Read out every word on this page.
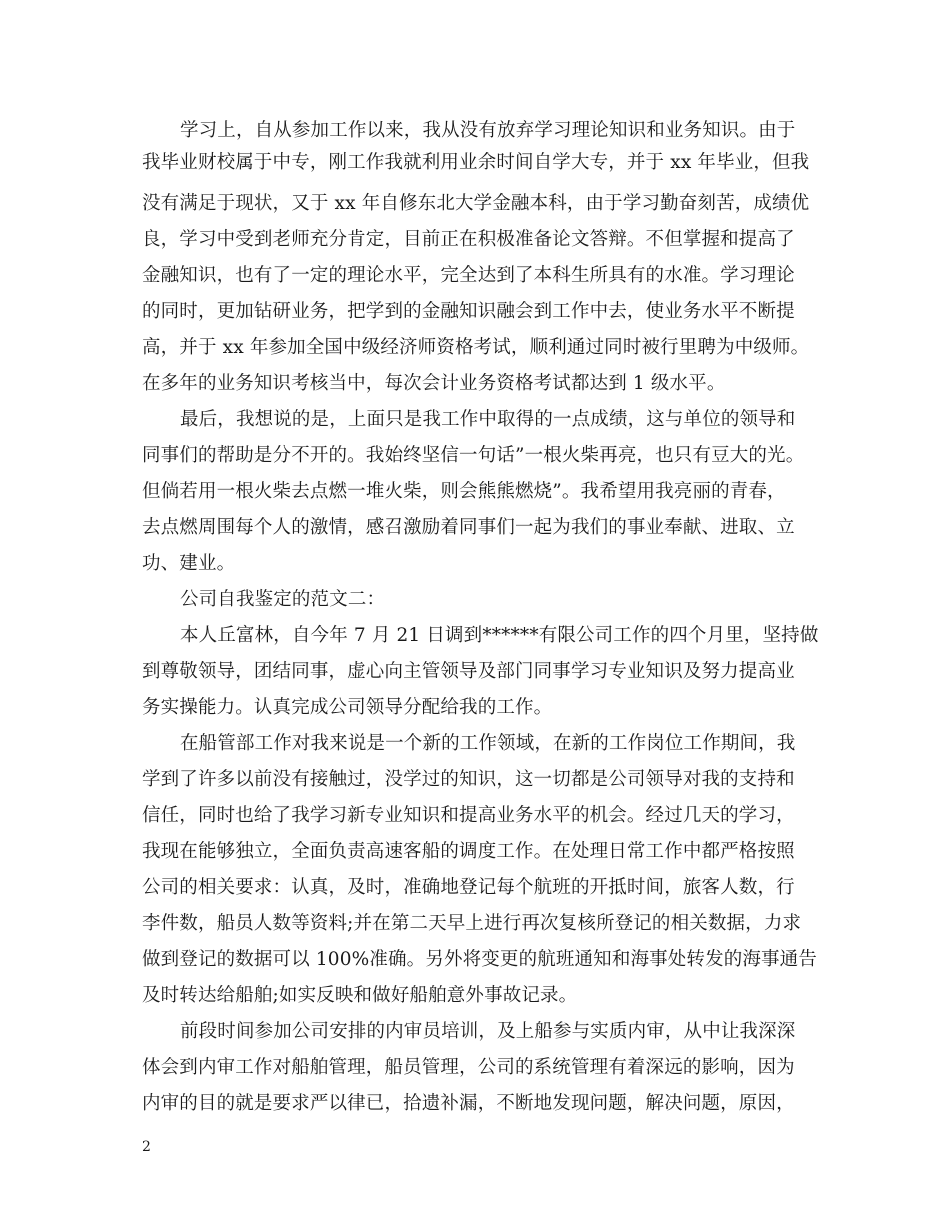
学习上，自从参加工作以来，我从没有放弃学习理论知识和业务知识。由于
我毕业财校属于中专，刚工作我就利用业余时间自学大专，并于 xx 年毕业，但我
没有满足于现状，又于 xx 年自修东北大学金融本科，由于学习勤奋刻苦，成绩优
良，学习中受到老师充分肯定，目前正在积极准备论文答辩。不但掌握和提高了
金融知识，也有了一定的理论水平，完全达到了本科生所具有的水准。学习理论
的同时，更加钻研业务，把学到的金融知识融会到工作中去，使业务水平不断提
高，并于 xx 年参加全国中级经济师资格考试，顺利通过同时被行里聘为中级师。
在多年的业务知识考核当中，每次会计业务资格考试都达到 1 级水平。
最后，我想说的是，上面只是我工作中取得的一点成绩，这与单位的领导和
同事们的帮助是分不开的。我始终坚信一句话”一根火柴再亮，也只有豆大的光。
但倘若用一根火柴去点燃一堆火柴，则会熊熊燃烧”。我希望用我亮丽的青春，
去点燃周围每个人的激情，感召激励着同事们一起为我们的事业奉献、进取、立
功、建业。
公司自我鉴定的范文二：
本人丘富林，自今年 7 月 21 日调到******有限公司工作的四个月里，坚持做
到尊敬领导，团结同事，虚心向主管领导及部门同事学习专业知识及努力提高业
务实操能力。认真完成公司领导分配给我的工作。
在船管部工作对我来说是一个新的工作领域，在新的工作岗位工作期间，我
学到了许多以前没有接触过，没学过的知识，这一切都是公司领导对我的支持和
信任，同时也给了我学习新专业知识和提高业务水平的机会。经过几天的学习，
我现在能够独立，全面负责高速客船的调度工作。在处理日常工作中都严格按照
公司的相关要求：认真，及时，准确地登记每个航班的开抵时间，旅客人数，行
李件数，船员人数等资料;并在第二天早上进行再次复核所登记的相关数据，力求
做到登记的数据可以 100%准确。另外将变更的航班通知和海事处转发的海事通告
及时转达给船舶;如实反映和做好船舶意外事故记录。
前段时间参加公司安排的内审员培训，及上船参与实质内审，从中让我深深
体会到内审工作对船舶管理，船员管理，公司的系统管理有着深远的影响，因为
内审的目的就是要求严以律已，拾遗补漏，不断地发现问题，解决问题，原因，
2
